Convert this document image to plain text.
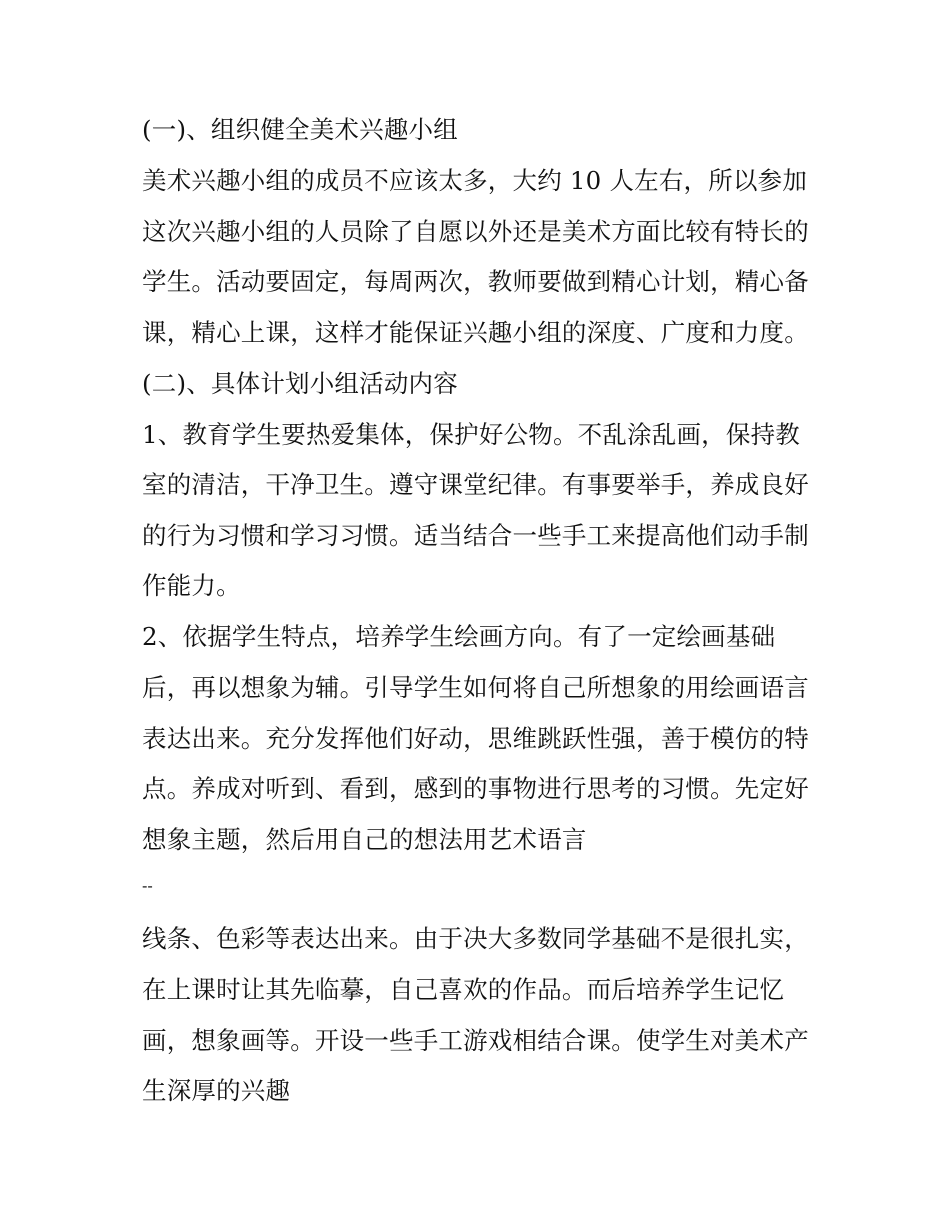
(一)、组织健全美术兴趣小组
美术兴趣小组的成员不应该太多，大约 10 人左右，所以参加
这次兴趣小组的人员除了自愿以外还是美术方面比较有特长的
学生。活动要固定，每周两次，教师要做到精心计划，精心备
课，精心上课，这样才能保证兴趣小组的深度、广度和力度。
(二)、具体计划小组活动内容
1、教育学生要热爱集体，保护好公物。不乱涂乱画，保持教
室的清洁，干净卫生。遵守课堂纪律。有事要举手，养成良好
的行为习惯和学习习惯。适当结合一些手工来提高他们动手制
作能力。
2、依据学生特点，培养学生绘画方向。有了一定绘画基础
后，再以想象为辅。引导学生如何将自己所想象的用绘画语言
表达出来。充分发挥他们好动，思维跳跃性强，善于模仿的特
点。养成对听到、看到，感到的事物进行思考的习惯。先定好
想象主题，然后用自己的想法用艺术语言
--
线条、色彩等表达出来。由于决大多数同学基础不是很扎实，
在上课时让其先临摹，自己喜欢的作品。而后培养学生记忆
画，想象画等。开设一些手工游戏相结合课。使学生对美术产
生深厚的兴趣
